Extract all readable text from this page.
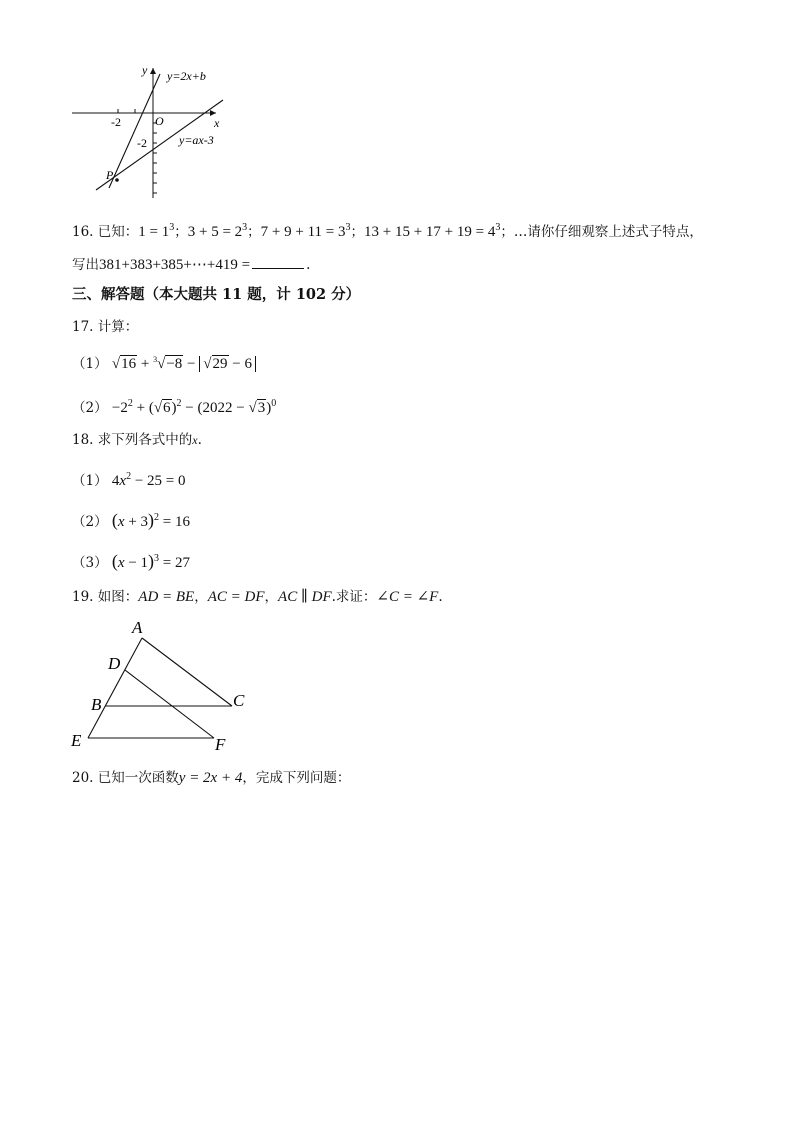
y
x
O
-2
-2
y=2x+b
y=ax-3
P
16. 已知：$1 = 1^3$；$3 + 5 = 2^3$；$7 + 9 + 11 = 3^3$；$13 + 15 + 17 + 19 = 4^3$；…请你仔细观察上述式子特点，
写出381+383+385+⋯+419 =	.
三、解答题（本大题共 11 题，计 102 分）
17. 计算：
（1） √16 + $^3$√−8 − √29 − 6
$(2) -2^2 + (√6)^2 - (2022 - √3)^0$
18. 求下列各式中的x.
（1） $4x^2 - 25 = 0$
（2） $(x + 3)^2 = 16$
（3） $(x - 1)^3 = 27$
19. 如图：AD = BE，AC = DF，AC ∥ DF.求证：∠C = ∠F.
A
D
B	C
E	F
20. 已知一次函数y = 2x + 4，完成下列问题：
